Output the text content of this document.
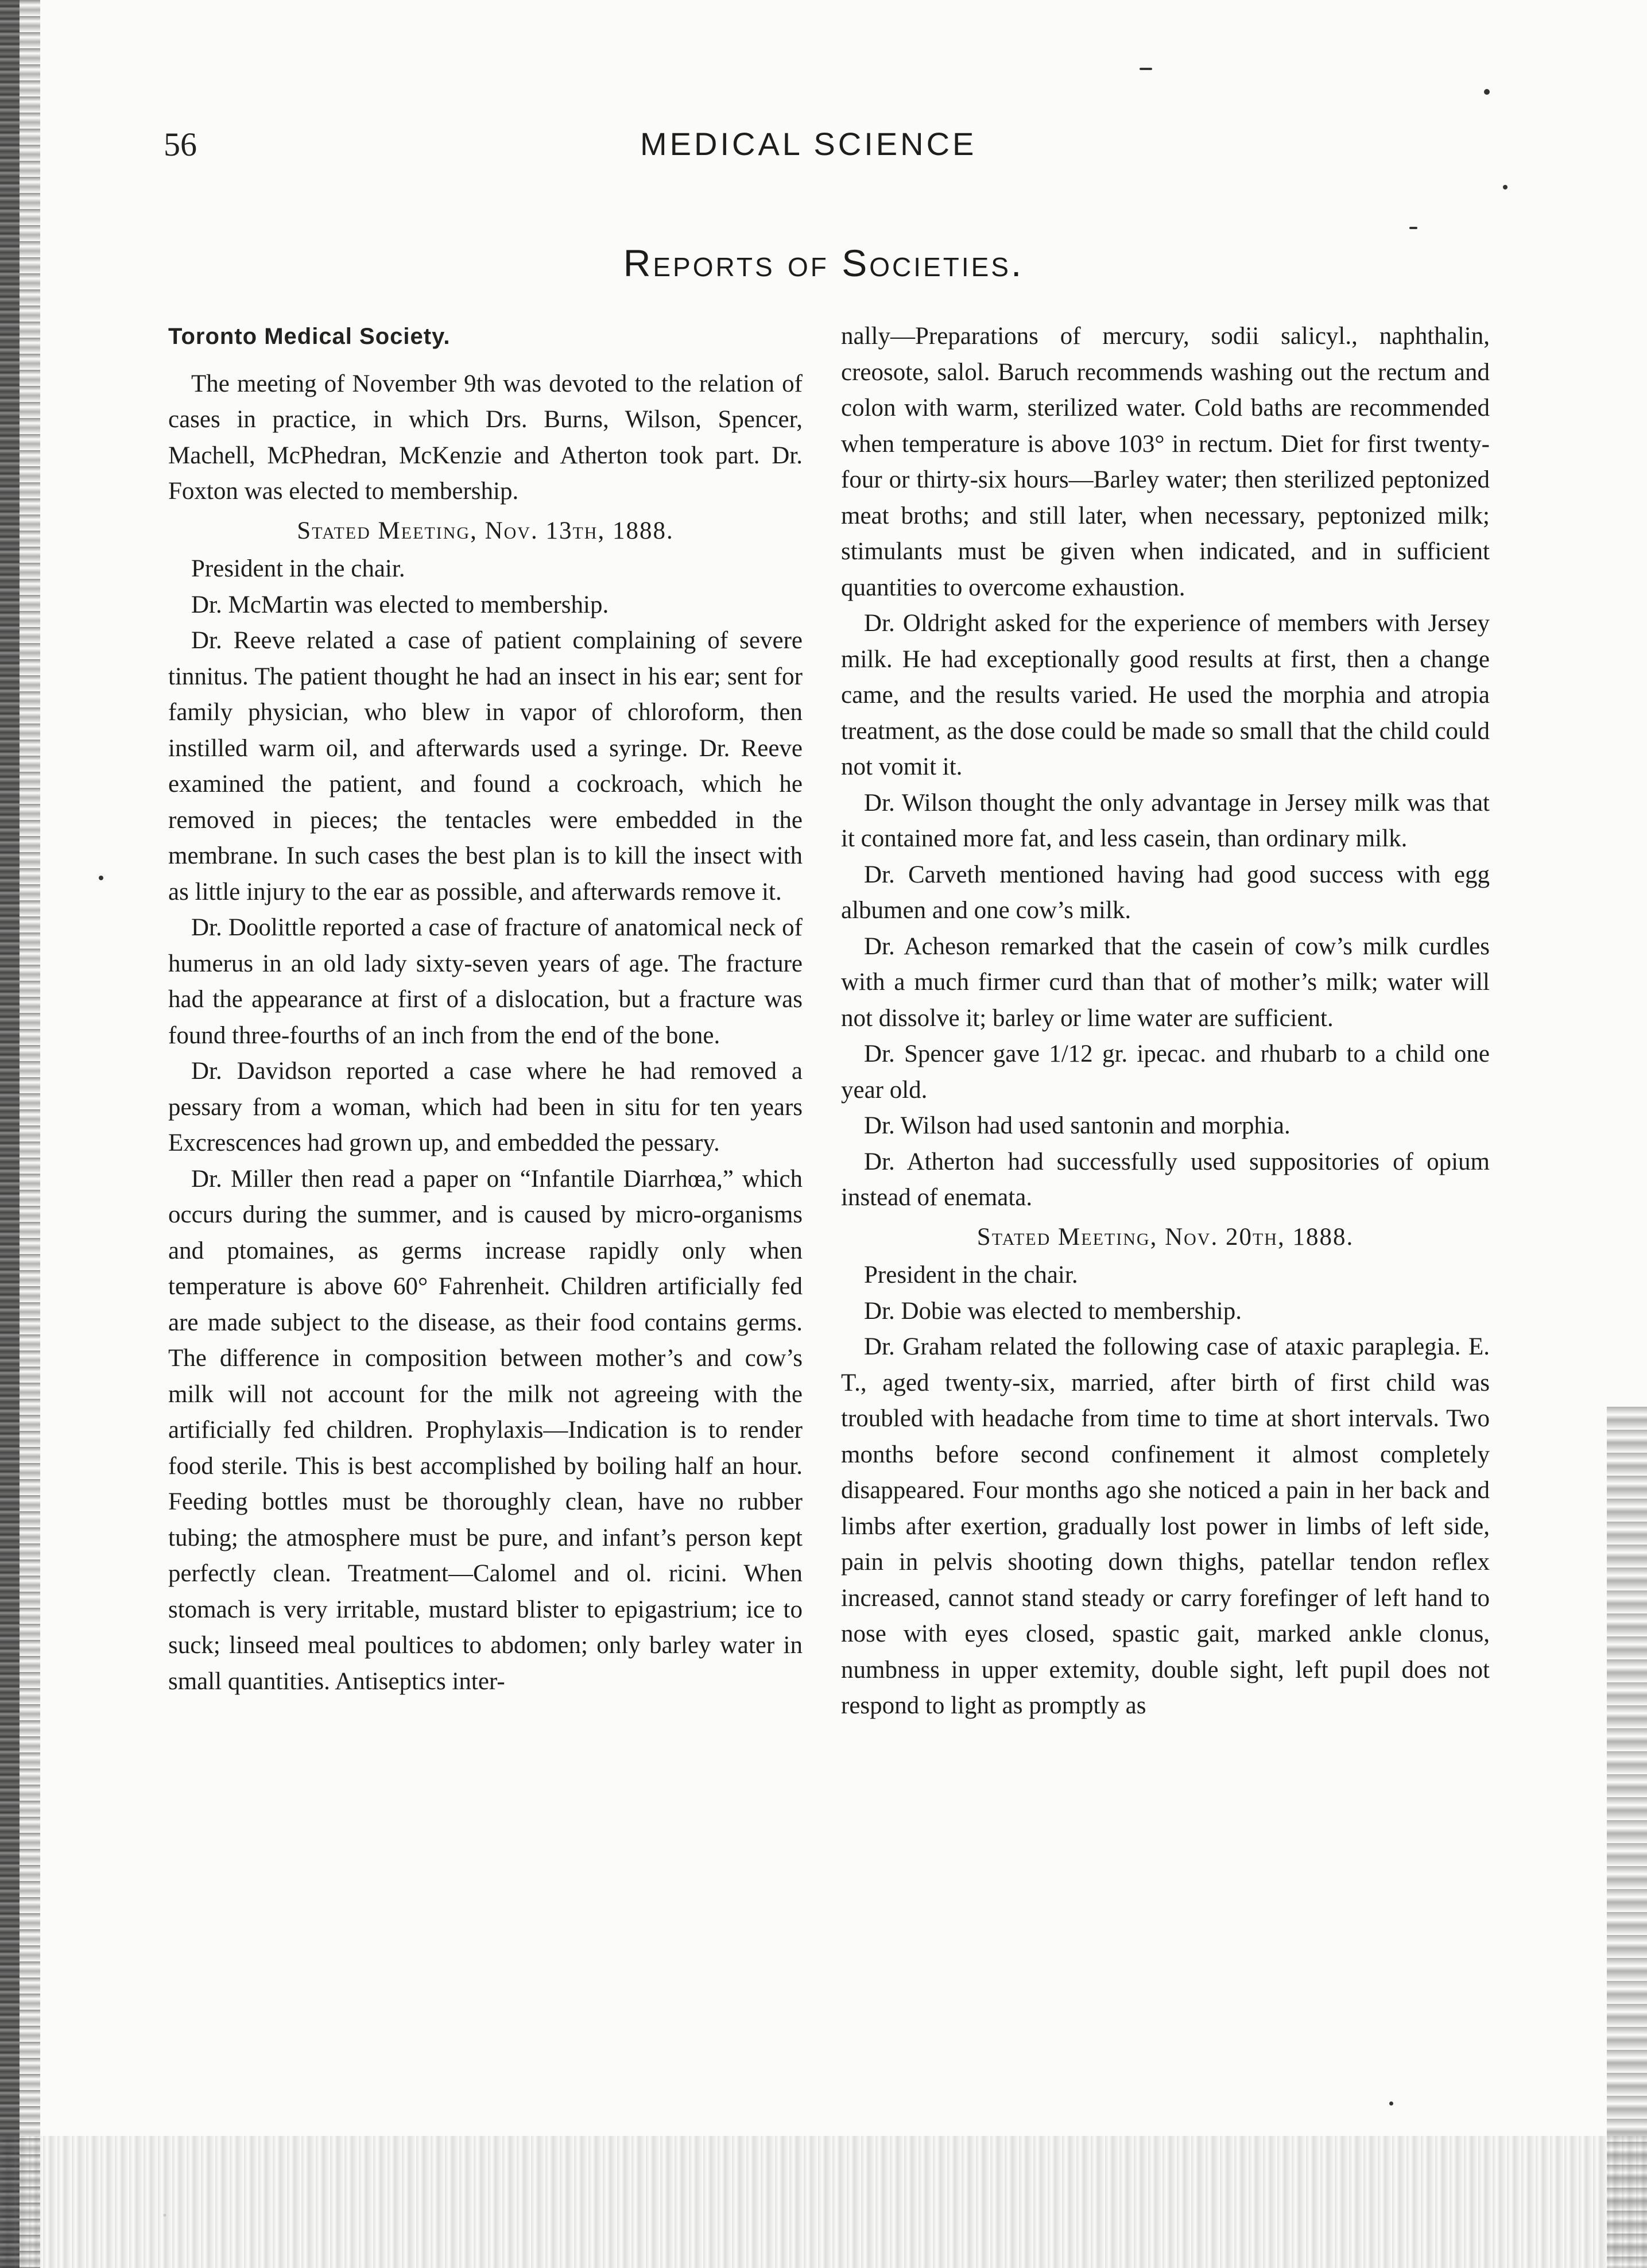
56	MEDICAL SCIENCE
Reports of Societies.

Toronto Medical Society.

The meeting of November 9th was devoted to the relation of cases in practice, in which Drs. Burns, Wilson, Spencer, Machell, McPhedran, McKenzie and Atherton took part. Dr. Foxton was elected to membership.

Stated Meeting, Nov. 13th, 1888.

President in the chair.

Dr. McMartin was elected to membership.

Dr. Reeve related a case of patient complaining of severe tinnitus. The patient thought he had an insect in his ear; sent for family physician, who blew in vapor of chloroform, then instilled warm oil, and afterwards used a syringe. Dr. Reeve examined the patient, and found a cockroach, which he removed in pieces; the tentacles were embedded in the membrane. In such cases the best plan is to kill the insect with as little injury to the ear as possible, and afterwards remove it.

Dr. Doolittle reported a case of fracture of anatomical neck of humerus in an old lady sixty-seven years of age. The fracture had the appearance at first of a dislocation, but a fracture was found three-fourths of an inch from the end of the bone.

Dr. Davidson reported a case where he had removed a pessary from a woman, which had been in situ for ten years Excrescences had grown up, and embedded the pessary.

Dr. Miller then read a paper on “Infantile Diarrhœa,” which occurs during the summer, and is caused by micro-organisms and ptomaines, as germs increase rapidly only when temperature is above 60° Fahrenheit. Children artificially fed are made subject to the disease, as their food contains germs. The difference in composition between mother’s and cow’s milk will not account for the milk not agreeing with the artificially fed children. Prophylaxis—Indication is to render food sterile. This is best accomplished by boiling half an hour. Feeding bottles must be thoroughly clean, have no rubber tubing; the atmosphere must be pure, and infant’s person kept perfectly clean. Treatment—Calomel and ol. ricini. When stomach is very irritable, mustard blister to epigastrium; ice to suck; linseed meal poultices to abdomen; only barley water in small quantities. Antiseptics inter-

nally—Preparations of mercury, sodii salicyl., naphthalin, creosote, salol. Baruch recommends washing out the rectum and colon with warm, sterilized water. Cold baths are recommended when temperature is above 103° in rectum. Diet for first twenty-four or thirty-six hours—Barley water; then sterilized peptonized meat broths; and still later, when necessary, peptonized milk; stimulants must be given when indicated, and in sufficient quantities to overcome exhaustion.

Dr. Oldright asked for the experience of members with Jersey milk. He had exceptionally good results at first, then a change came, and the results varied. He used the morphia and atropia treatment, as the dose could be made so small that the child could not vomit it.

Dr. Wilson thought the only advantage in Jersey milk was that it contained more fat, and less casein, than ordinary milk.

Dr. Carveth mentioned having had good success with egg albumen and one cow’s milk.

Dr. Acheson remarked that the casein of cow’s milk curdles with a much firmer curd than that of mother’s milk; water will not dissolve it; barley or lime water are sufficient.

Dr. Spencer gave 1/12 gr. ipecac. and rhubarb to a child one year old.

Dr. Wilson had used santonin and morphia.

Dr. Atherton had successfully used suppositories of opium instead of enemata.

Stated Meeting, Nov. 20th, 1888.

President in the chair.

Dr. Dobie was elected to membership.

Dr. Graham related the following case of ataxic paraplegia. E. T., aged twenty-six, married, after birth of first child was troubled with headache from time to time at short intervals. Two months before second confinement it almost completely disappeared. Four months ago she noticed a pain in her back and limbs after exertion, gradually lost power in limbs of left side, pain in pelvis shooting down thighs, patellar tendon reflex increased, cannot stand steady or carry forefinger of left hand to nose with eyes closed, spastic gait, marked ankle clonus, numbness in upper extemity, double sight, left pupil does not respond to light as promptly as
